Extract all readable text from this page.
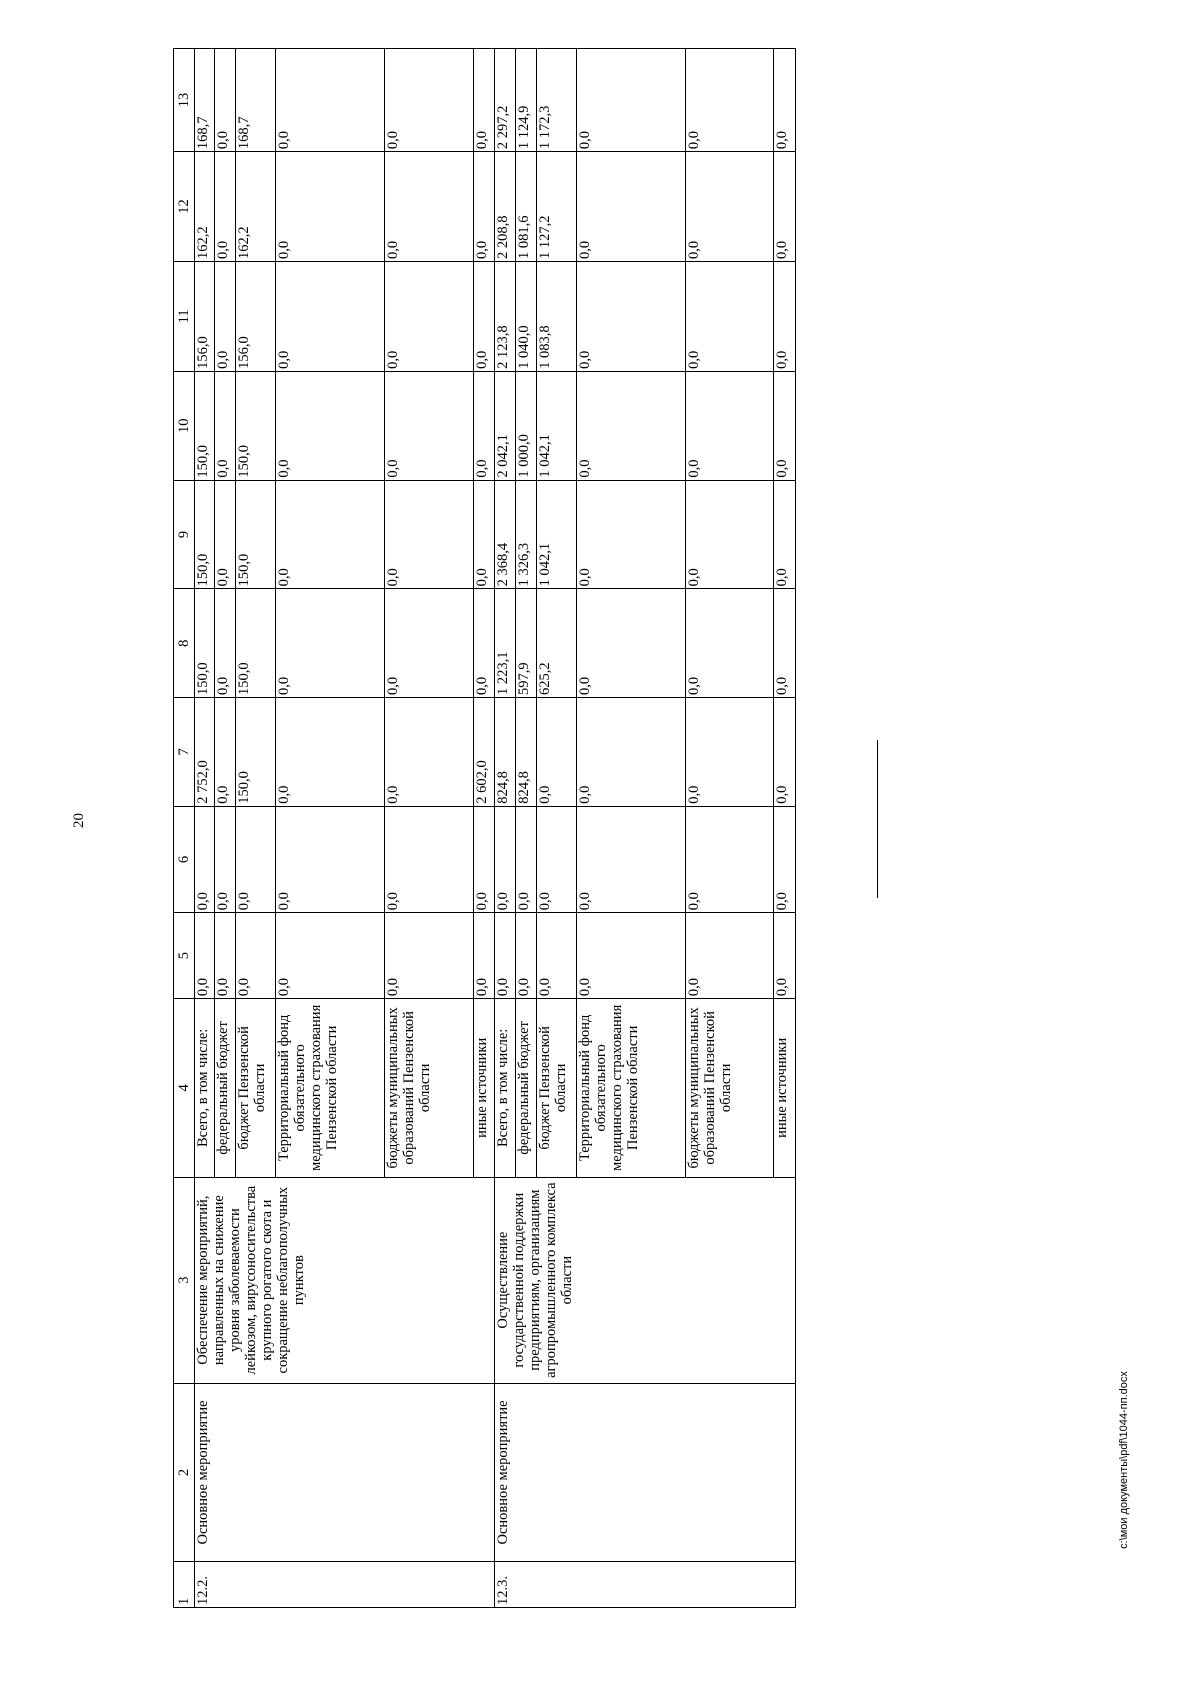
20
c:\мои документы\pdf\1044-пп.docx
1	2	3	4	5	6	7	8	9	10	11	12	13
12.2.	Основное мероприятие	Обеспечение мероприятий, направленных на снижение уровня заболеваемости лейкозом, вирусоносительства крупного рогатого скота и сокращение неблагополучных пунктов	Всего, в том числе:	0,0	0,0	2 752,0	150,0	150,0	150,0	156,0	162,2	168,7
			федеральный бюджет	0,0	0,0	0,0	0,0	0,0	0,0	0,0	0,0	0,0
			бюджет Пензенской области	0,0	0,0	150,0	150,0	150,0	150,0	156,0	162,2	168,7
			Территориальный фонд обязательного медицинского страхования Пензенской области	0,0	0,0	0,0	0,0	0,0	0,0	0,0	0,0	0,0
			бюджеты муниципальных образований Пензенской области	0,0	0,0	0,0	0,0	0,0	0,0	0,0	0,0	0,0
			иные источники	0,0	0,0	2 602,0	0,0	0,0	0,0	0,0	0,0	0,0
12.3.	Основное мероприятие	Осуществление государственной поддержки предприятиям, организациям агропромышленного комплекса области	Всего, в том числе:	0,0	0,0	824,8	1 223,1	2 368,4	2 042,1	2 123,8	2 208,8	2 297,2
			федеральный бюджет	0,0	0,0	824,8	597,9	1 326,3	1 000,0	1 040,0	1 081,6	1 124,9
			бюджет Пензенской области	0,0	0,0	0,0	625,2	1 042,1	1 042,1	1 083,8	1 127,2	1 172,3
			Территориальный фонд обязательного медицинского страхования Пензенской области	0,0	0,0	0,0	0,0	0,0	0,0	0,0	0,0	0,0
			бюджеты муниципальных образований Пензенской области	0,0	0,0	0,0	0,0	0,0	0,0	0,0	0,0	0,0
			иные источники	0,0	0,0	0,0	0,0	0,0	0,0	0,0	0,0	0,0
